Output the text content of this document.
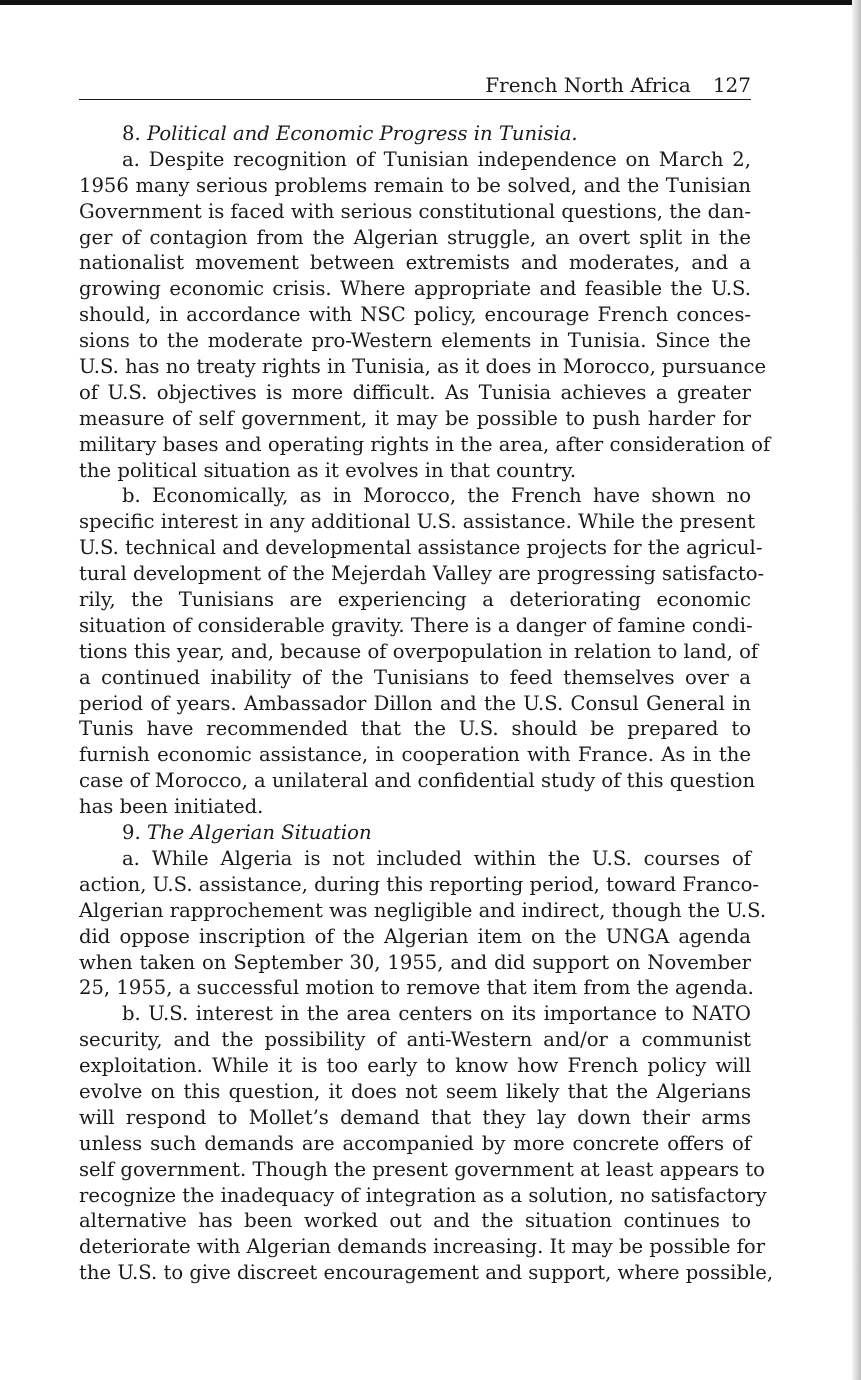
French North Africa 127
8. Political and Economic Progress in Tunisia.
a. Despite recognition of Tunisian independence on March 2,
1956 many serious problems remain to be solved, and the Tunisian
Government is faced with serious constitutional questions, the dan-
ger of contagion from the Algerian struggle, an overt split in the
nationalist movement between extremists and moderates, and a
growing economic crisis. Where appropriate and feasible the U.S.
should, in accordance with NSC policy, encourage French conces-
sions to the moderate pro-Western elements in Tunisia. Since the
U.S. has no treaty rights in Tunisia, as it does in Morocco, pursuance
of U.S. objectives is more difficult. As Tunisia achieves a greater
measure of self government, it may be possible to push harder for
military bases and operating rights in the area, after consideration of
the political situation as it evolves in that country.
b. Economically, as in Morocco, the French have shown no
specific interest in any additional U.S. assistance. While the present
U.S. technical and developmental assistance projects for the agricul-
tural development of the Mejerdah Valley are progressing satisfacto-
rily, the Tunisians are experiencing a deteriorating economic
situation of considerable gravity. There is a danger of famine condi-
tions this year, and, because of overpopulation in relation to land, of
a continued inability of the Tunisians to feed themselves over a
period of years. Ambassador Dillon and the U.S. Consul General in
Tunis have recommended that the U.S. should be prepared to
furnish economic assistance, in cooperation with France. As in the
case of Morocco, a unilateral and confidential study of this question
has been initiated.
9. The Algerian Situation
a. While Algeria is not included within the U.S. courses of
action, U.S. assistance, during this reporting period, toward Franco-
Algerian rapprochement was negligible and indirect, though the U.S.
did oppose inscription of the Algerian item on the UNGA agenda
when taken on September 30, 1955, and did support on November
25, 1955, a successful motion to remove that item from the agenda.
b. U.S. interest in the area centers on its importance to NATO
security, and the possibility of anti-Western and/or a communist
exploitation. While it is too early to know how French policy will
evolve on this question, it does not seem likely that the Algerians
will respond to Mollet’s demand that they lay down their arms
unless such demands are accompanied by more concrete offers of
self government. Though the present government at least appears to
recognize the inadequacy of integration as a solution, no satisfactory
alternative has been worked out and the situation continues to
deteriorate with Algerian demands increasing. It may be possible for
the U.S. to give discreet encouragement and support, where possible,
